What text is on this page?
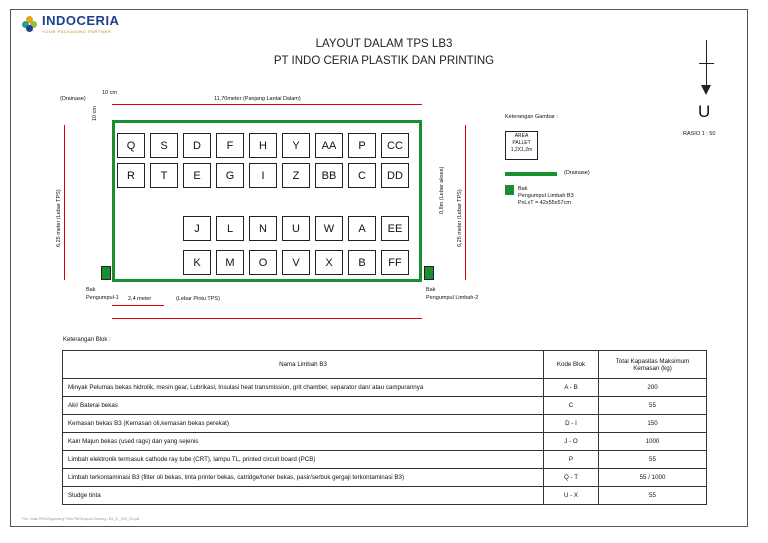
INDOCERIA
YOUR PACKAGING PARTNER
LAYOUT DALAM TPS LB3
PT INDO CERIA PLASTIK DAN PRINTING
U
RASIO 1 : 50
(Drainase)
10 cm
10 cm
11,70meter (Panjang Lantai Dalam)
6,25 meter (Lebar TPS)	0,8m (Lebar akses) 6,25 meter (Lebar TPS)
2,4 meter	(Lebar Pintu TPS)
Q	S	D	F	H	Y	AA	P	CC
R	T	E	G	I	Z	BB	C	DD
J	L	N	U	W	A	EE
K	M	O	V	X	B	FF
Bak
Pengumpul-1
Bak
Pengumpul Limbah-2
Keterangan Gambar :
AREA
PALLET
1,2X1,2m
(Drainase)
Bak
Pengumpul Limbah B3
PxLxT = 42x55x57cm
Keterangan Blok :
Nama Limbah B3	Kode Blok	Total Kapasitas Maksimum Kemasan (kg)
Minyak Pelumas bekas hidrolik, mesin gear, Lubrikasi, Insulasi heat transmission, grit chamber, separator dan/ atau campurannya	A - B	200
Aki/ Baterai bekas	C	55
Kemasan bekas B3 (Kemasan oli,kemasan bekas perekat)	D - I	150
Kain Majun bekas (used rags) dan yang sejenis	J - O	1000
Limbah elektronik termasuk cathode ray tube (CRT), lampu TL, printed circuit board (PCB)	P	55
Limbah terkontaminasi B3 (filter oli bekas, tinta printer bekas, catridge/toner bekas, pasir/serbuk gergaji terkontaminasi B3)	Q - T	55 / 1000
Sludge tinta	U - X	55
File : Data PBG\Supporting Files PBG\Layout Gedung • B3_IC_20X_XX.pdf
